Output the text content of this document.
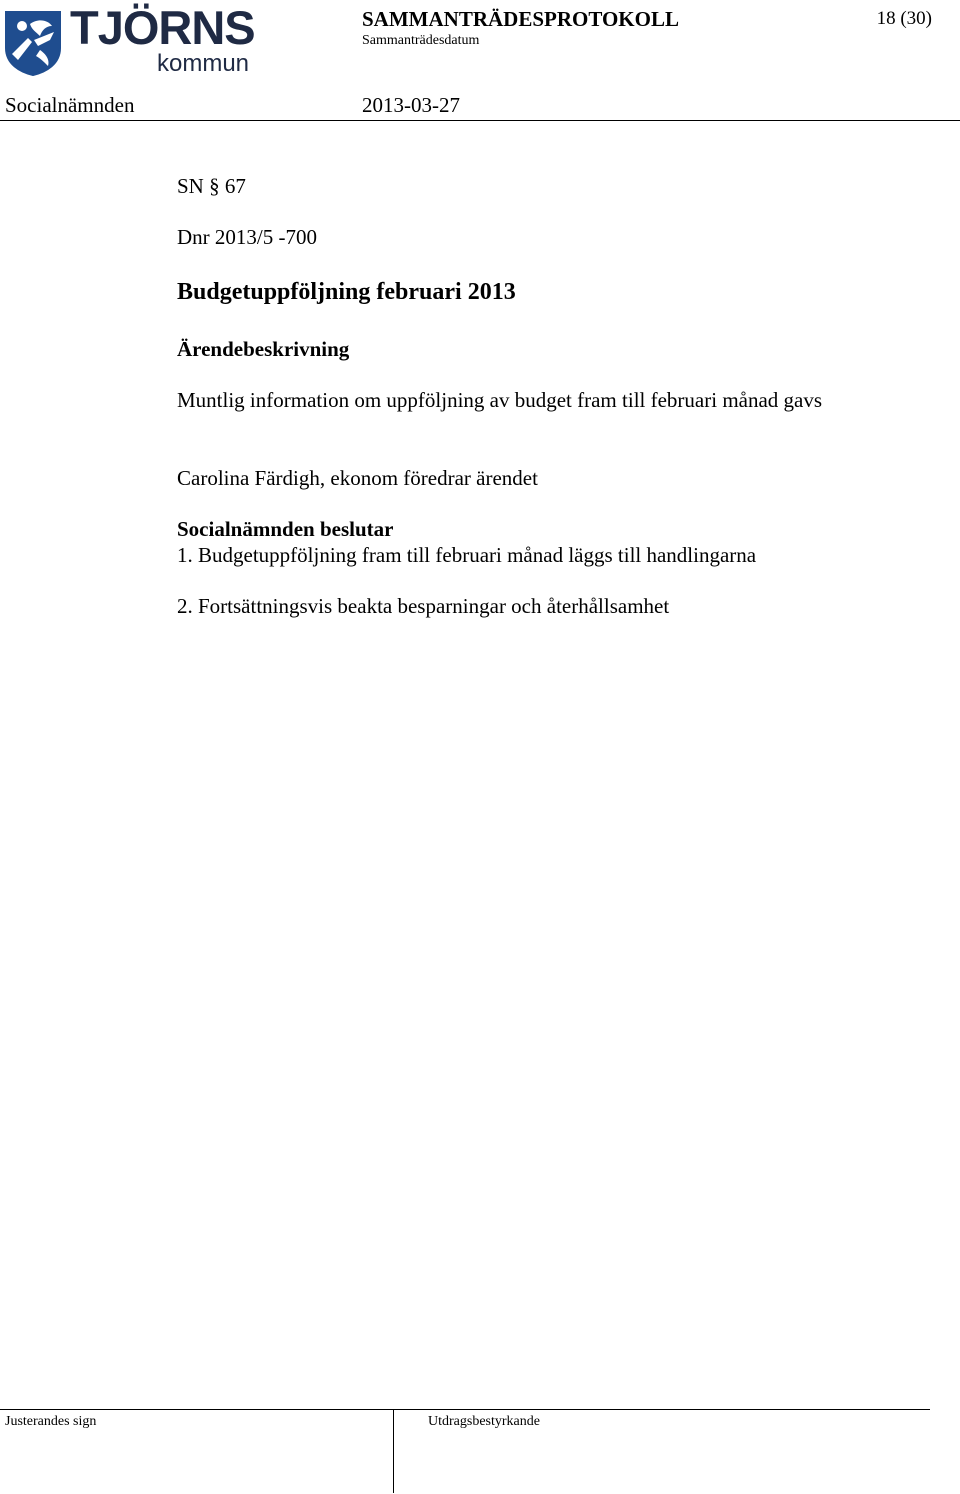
TJÖRNS
kommun
SAMMANTRÄDESPROTOKOLL
Sammanträdesdatum
18 (30)
Socialnämnden	2013-03-27
SN § 67
Dnr 2013/5 -700
Budgetuppföljning februari 2013
Ärendebeskrivning
Muntlig information om uppföljning av budget fram till februari månad gavs
Carolina Färdigh, ekonom föredrar ärendet
Socialnämnden beslutar
1. Budgetuppföljning fram till februari månad läggs till handlingarna
2. Fortsättningsvis beakta besparningar och återhållsamhet
Justerandes sign	Utdragsbestyrkande
